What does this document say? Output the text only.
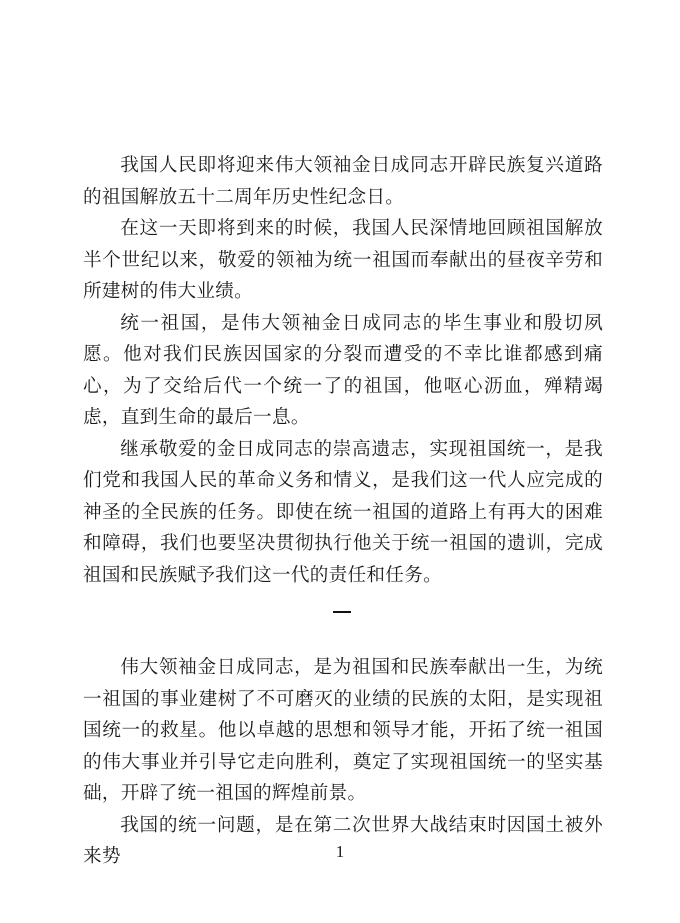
我国人民即将迎来伟大领袖金日成同志开辟民族复兴道路的祖国解放五十二周年历史性纪念日。

在这一天即将到来的时候，我国人民深情地回顾祖国解放半个世纪以来，敬爱的领袖为统一祖国而奉献出的昼夜辛劳和所建树的伟大业绩。

统一祖国，是伟大领袖金日成同志的毕生事业和殷切夙愿。他对我们民族因国家的分裂而遭受的不幸比谁都感到痛心，为了交给后代一个统一了的祖国，他呕心沥血，殚精竭虑，直到生命的最后一息。

继承敬爱的金日成同志的崇高遗志，实现祖国统一，是我们党和我国人民的革命义务和情义，是我们这一代人应完成的神圣的全民族的任务。即使在统一祖国的道路上有再大的困难和障碍，我们也要坚决贯彻执行他关于统一祖国的遗训，完成祖国和民族赋予我们这一代的责任和任务。

伟大领袖金日成同志，是为祖国和民族奉献出一生，为统一祖国的事业建树了不可磨灭的业绩的民族的太阳，是实现祖国统一的救星。他以卓越的思想和领导才能，开拓了统一祖国的伟大事业并引导它走向胜利，奠定了实现祖国统一的坚实基础，开辟了统一祖国的辉煌前景。

我国的统一问题，是在第二次世界大战结束时因国土被外来势	1
